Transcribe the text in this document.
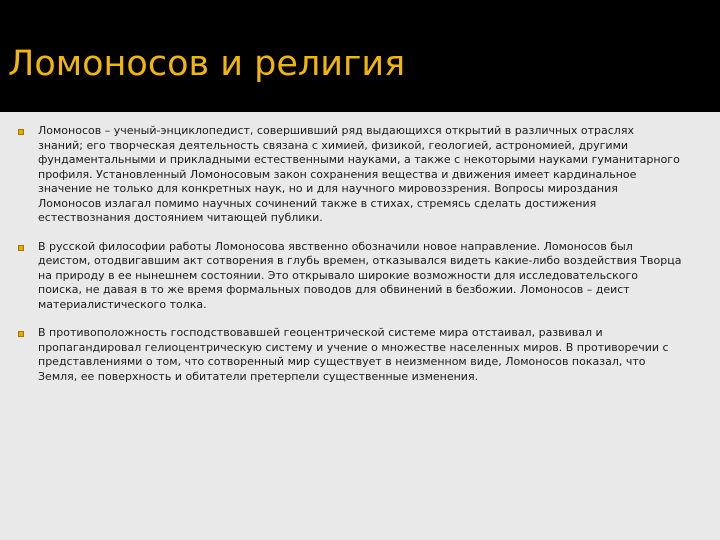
Ломоносов и религия
Ломоносов – ученый-энциклопедист, совершивший ряд выдающихся открытий в различных отраслях знаний; его творческая деятельность связана с химией, физикой, геологией, астрономией, другими фундаментальными и прикладными естественными науками, а также с некоторыми науками гуманитарного профиля. Установленный Ломоносовым закон сохранения вещества и движения имеет кардинальное значение не только для конкретных наук, но и для научного мировоззрения. Вопросы мироздания Ломоносов излагал помимо научных сочинений также в стихах, стремясь сделать достижения естествознания достоянием читающей публики.
В русской философии работы Ломоносова явственно обозначили новое направление. Ломоносов был деистом, отодвигавшим акт сотворения в глубь времен, отказывался видеть какие-либо воздействия Творца на природу в ее нынешнем состоянии. Это открывало широкие возможности для исследовательского поиска, не давая в то же время формальных поводов для обвинений в безбожии. Ломоносов – деист материалистического толка.
В противоположность господствовавшей геоцентрической системе мира отстаивал, развивал и пропагандировал гелиоцентрическую систему и учение о множестве населенных миров. В противоречии с представлениями о том, что сотворенный мир существует в неизменном виде, Ломоносов показал, что Земля, ее поверхность и обитатели претерпели существенные изменения.
